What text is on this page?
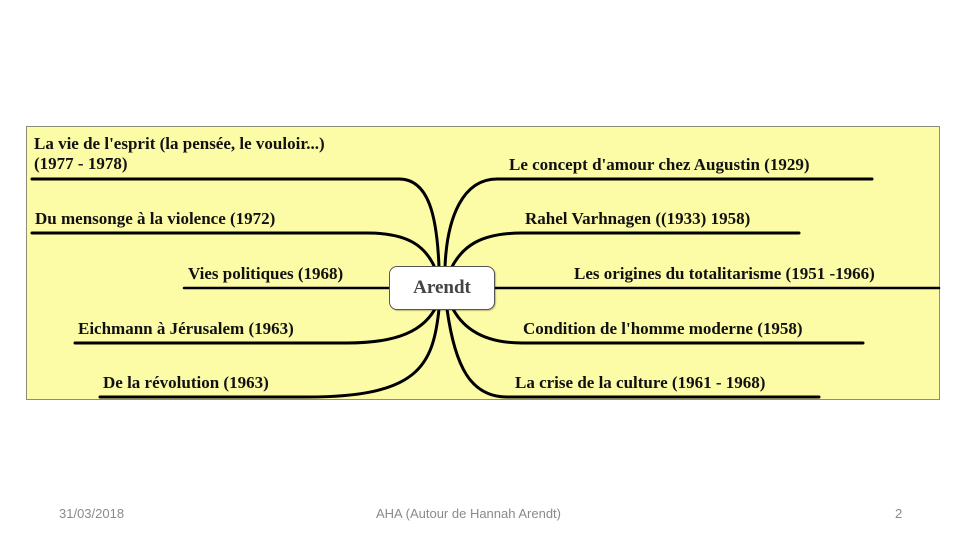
La vie de l'esprit (la pensée, le vouloir...)
(1977 - 1978)
Du mensonge à la violence (1972)
Vies politiques (1968)
Eichmann à Jérusalem (1963)
De la révolution (1963)
Le concept d'amour chez Augustin (1929)
Rahel Varhnagen ((1933) 1958)
Les origines du totalitarisme (1951 -1966)
Condition de l'homme moderne (1958)
La crise de la culture (1961 - 1968)
Arendt
31/03/2018	AHA (Autour de Hannah Arendt)	2
